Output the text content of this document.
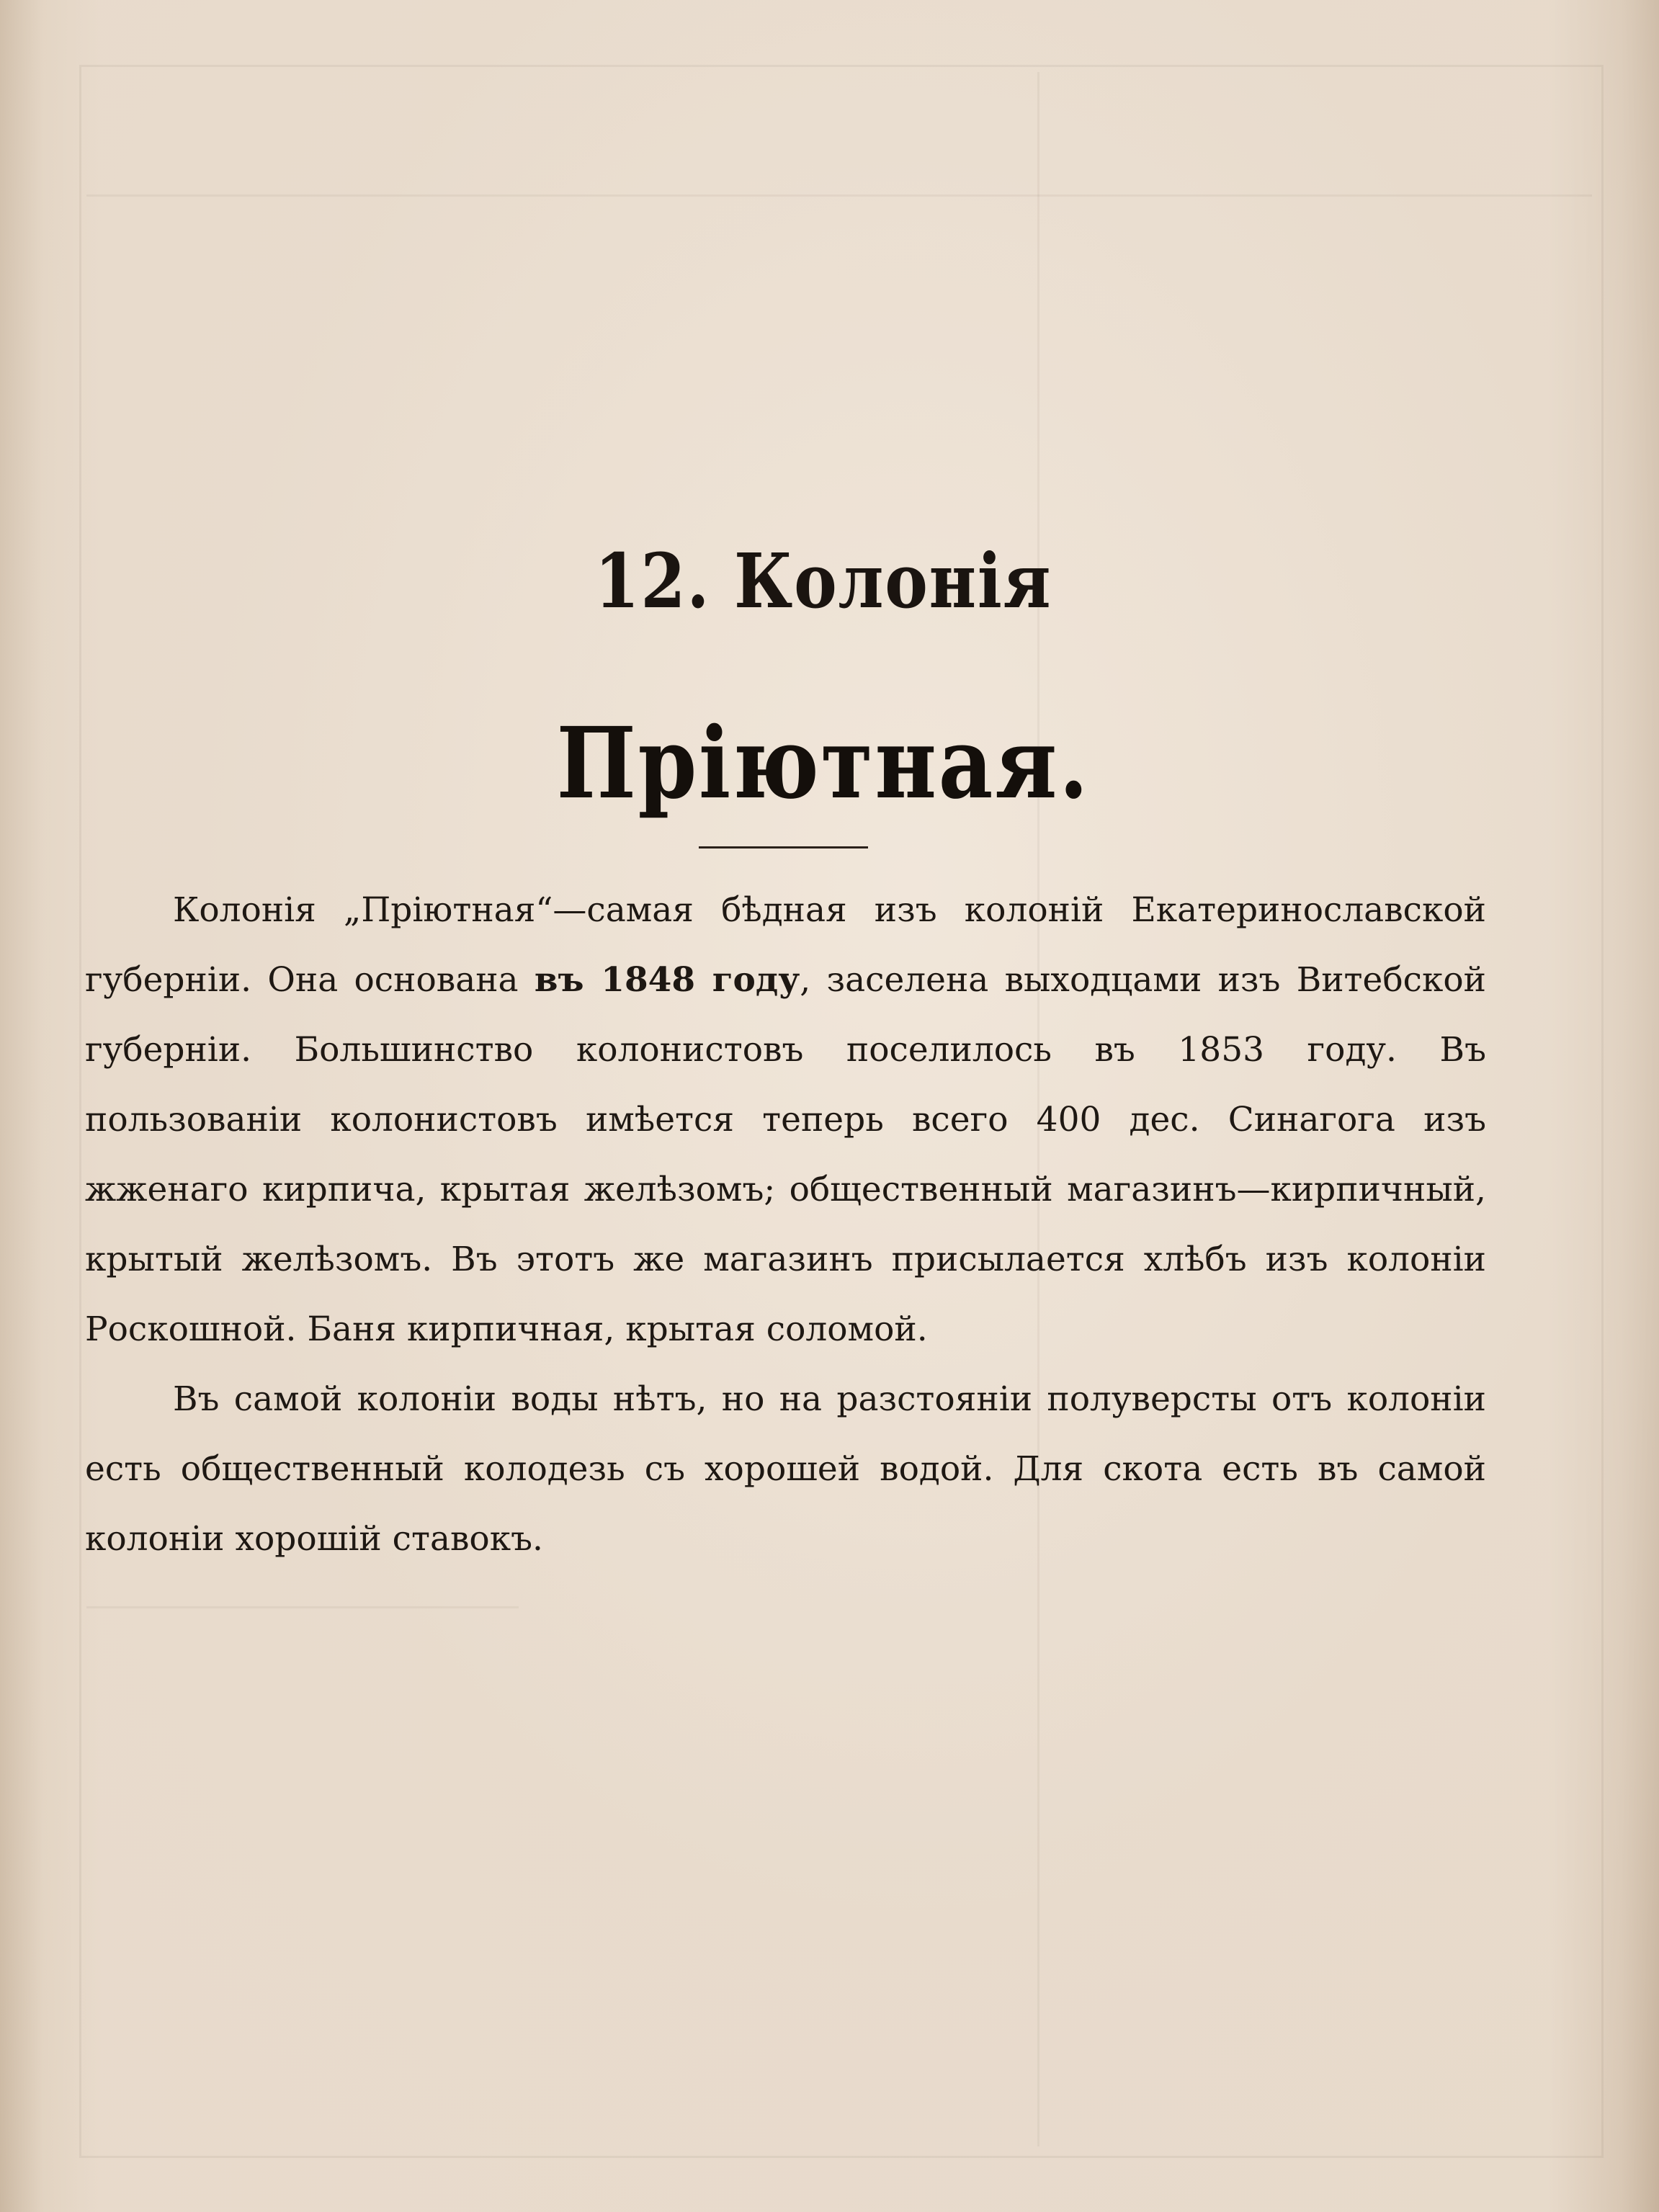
12. Колонія
Пріютная.

Колонія „Пріютная“—самая бѣдная изъ колоній Екатеринославской губерніи. Она основана въ 1848 году, заселена выходцами изъ Витебской губерніи. Большинство колонистовъ поселилось въ 1853 году. Въ пользованіи колонистовъ имѣется теперь всего 400 дес. Синагога изъ жженаго кирпича, крытая желѣзомъ; общественный магазинъ—кирпичный, крытый желѣзомъ. Въ этотъ же магазинъ присылается хлѣбъ изъ колоніи Роскошной. Баня кирпичная, крытая соломой.

Въ самой колоніи воды нѣтъ, но на разстояніи полуверсты отъ колоніи есть общественный колодезь съ хорошей водой. Для скота есть въ самой колоніи хорошій ставокъ.
